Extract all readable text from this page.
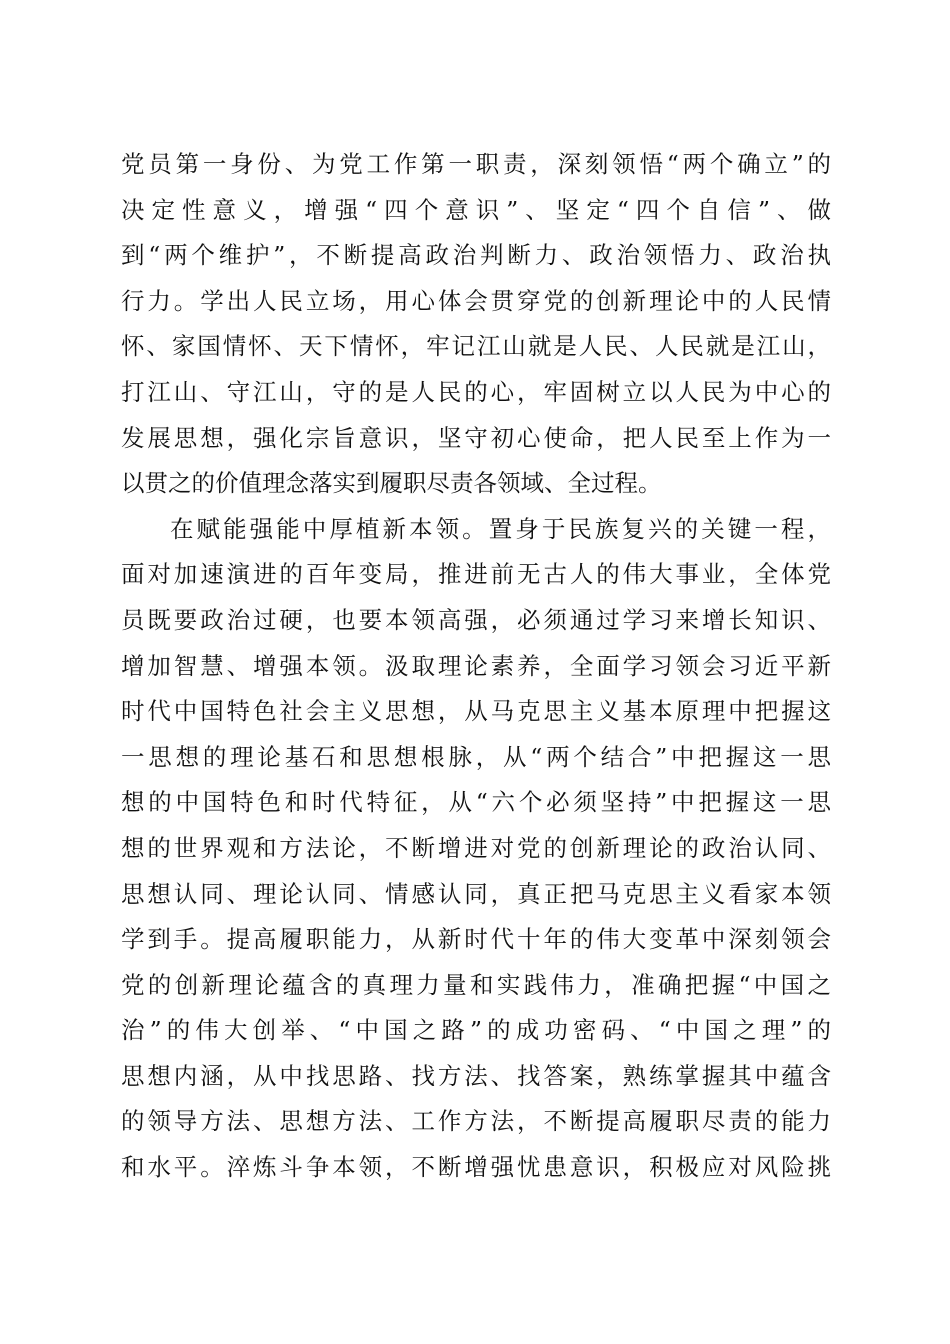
党员第一身份、为党工作第一职责，深刻领悟“两个确立”的
决定性意义，增强“四个意识”、坚定“四个自信”、做
到“两个维护”，不断提高政治判断力、政治领悟力、政治执
行力。学出人民立场，用心体会贯穿党的创新理论中的人民情
怀、家国情怀、天下情怀，牢记江山就是人民、人民就是江山，
打江山、守江山，守的是人民的心，牢固树立以人民为中心的
发展思想，强化宗旨意识，坚守初心使命，把人民至上作为一
以贯之的价值理念落实到履职尽责各领域、全过程。
在赋能强能中厚植新本领。置身于民族复兴的关键一程，
面对加速演进的百年变局，推进前无古人的伟大事业，全体党
员既要政治过硬，也要本领高强，必须通过学习来增长知识、
增加智慧、增强本领。汲取理论素养，全面学习领会习近平新
时代中国特色社会主义思想，从马克思主义基本原理中把握这
一思想的理论基石和思想根脉，从“两个结合”中把握这一思
想的中国特色和时代特征，从“六个必须坚持”中把握这一思
想的世界观和方法论，不断增进对党的创新理论的政治认同、
思想认同、理论认同、情感认同，真正把马克思主义看家本领
学到手。提高履职能力，从新时代十年的伟大变革中深刻领会
党的创新理论蕴含的真理力量和实践伟力，准确把握“中国之
治”的伟大创举、“中国之路”的成功密码、“中国之理”的
思想内涵，从中找思路、找方法、找答案，熟练掌握其中蕴含
的领导方法、思想方法、工作方法，不断提高履职尽责的能力
和水平。淬炼斗争本领，不断增强忧患意识，积极应对风险挑
